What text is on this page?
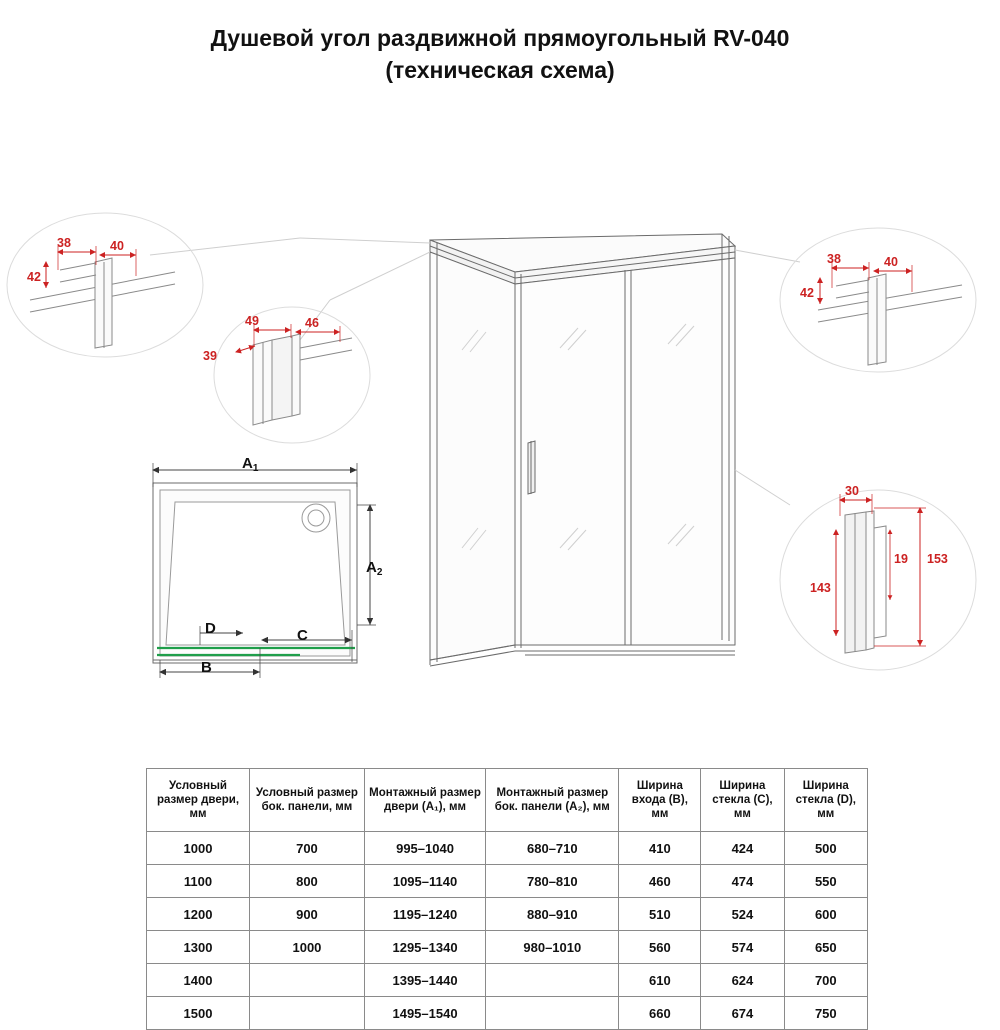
Душевой угол раздвижной прямоугольный RV-040
(техническая схема)
38	40
42
39
49	46
38	40
42
30
153
143
19
$A_1$
$A_2$
B
C
D
Условный размер двери, мм	Условный размер бок. панели, мм	Монтажный размер двери (A₁), мм	Монтажный размер бок. панели (A₂), мм	Ширина входа (B), мм	Ширина стекла (C), мм	Ширина стекла (D), мм
1000	700	995–1040	680–710	410	424	500
1100	800	1095–1140	780–810	460	474	550
1200	900	1195–1240	880–910	510	524	600
1300	1000	1295–1340	980–1010	560	574	650
1400		1395–1440		610	624	700
1500		1495–1540		660	674	750
